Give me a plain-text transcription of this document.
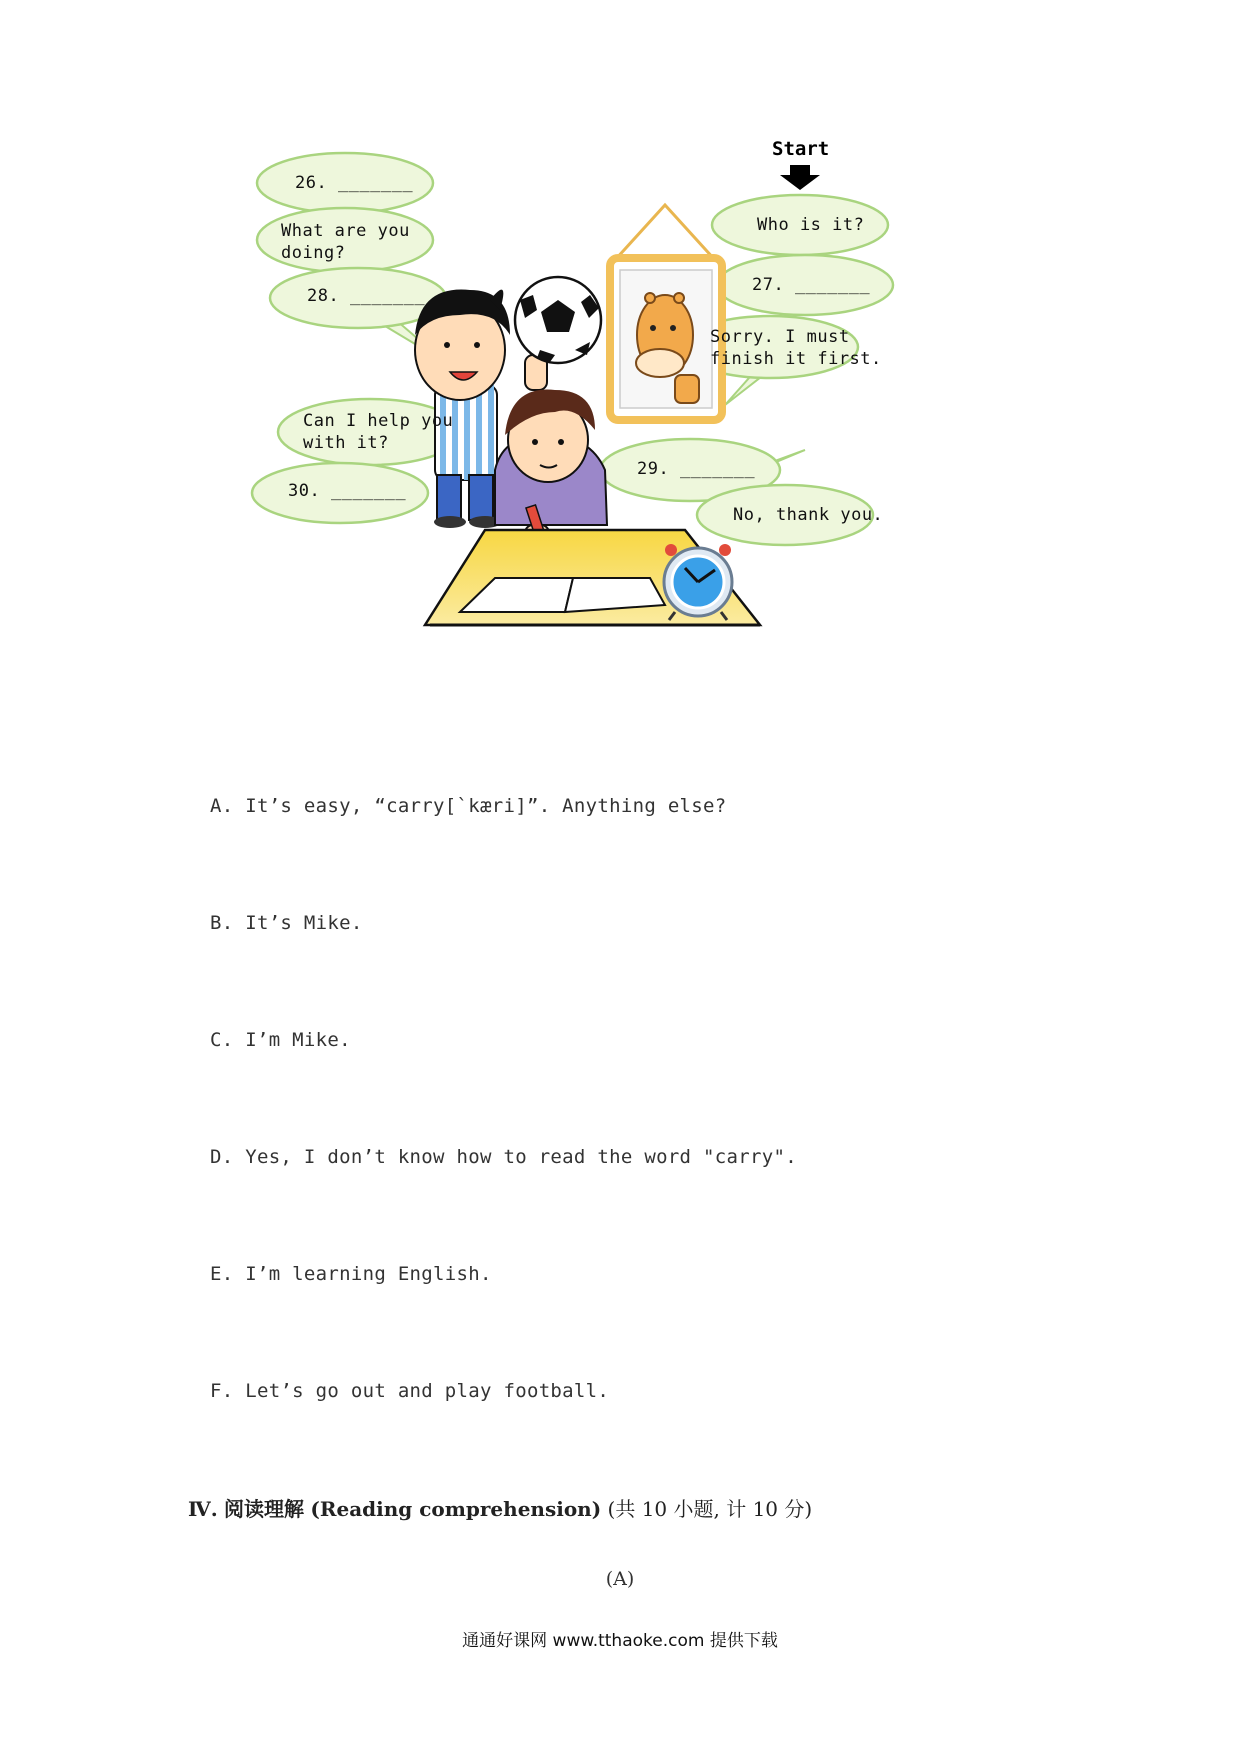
Start
26. _______
What are you
doing?
28. _______
Can I help you
with it?
30. _______
Who is it?
27. _______
Sorry. I must
finish it first.
29. _______
No, thank you.
A. It’s easy, “carry[`kæri]”. Anything else?
B. It’s Mike.
C. I’m Mike.
D. Yes, I don’t know how to read the word "carry".
E. I’m learning English.
F. Let’s go out and play football.
Ⅳ. 阅读理解 (Reading comprehension) (共 10 小题, 计 10 分)
(A)
通通好课网 www.tthaoke.com 提供下载
